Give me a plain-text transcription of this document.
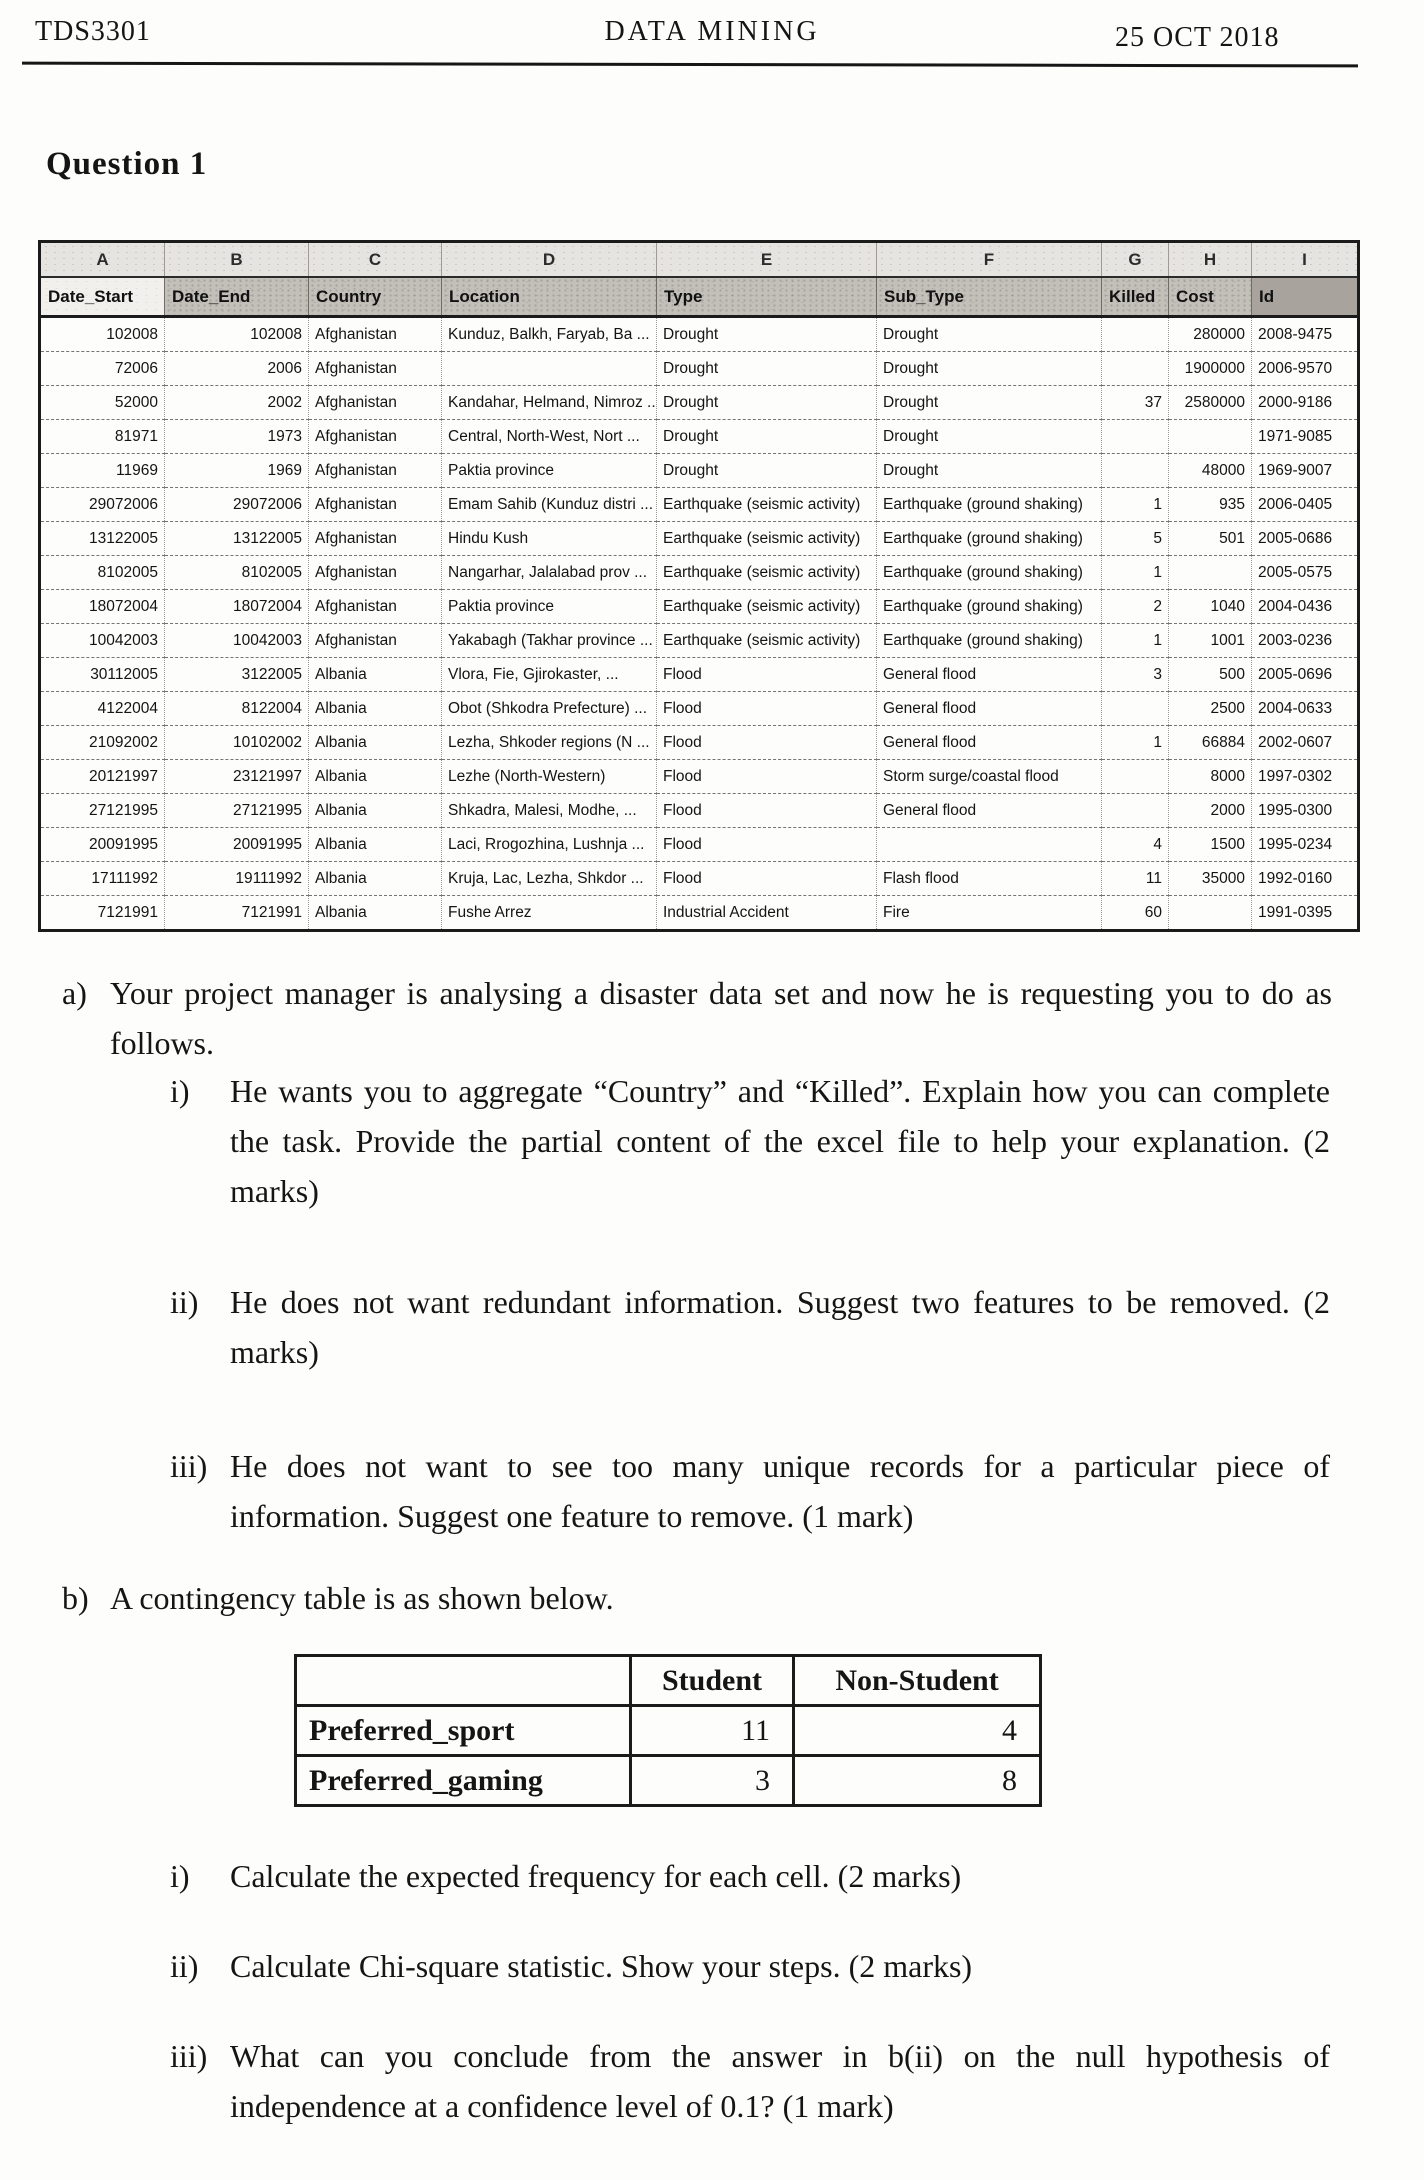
TDS3301	DATA MINING	25 OCT 2018
Question 1
A	B	C	D	E	F	G	H	I
Date_Start	Date_End	Country	Location	Type	Sub_Type	Killed	Cost	Id
102008	102008	Afghanistan	Kunduz, Balkh, Faryab, Ba ...	Drought	Drought		280000	2008-9475
72006	2006	Afghanistan		Drought	Drought		1900000	2006-9570
52000	2002	Afghanistan	Kandahar, Helmand, Nimroz ..	Drought	Drought	37	2580000	2000-9186
81971	1973	Afghanistan	Central, North-West, Nort ...	Drought	Drought			1971-9085
11969	1969	Afghanistan	Paktia province	Drought	Drought		48000	1969-9007
29072006	29072006	Afghanistan	Emam Sahib (Kunduz distri ...	Earthquake (seismic activity)	Earthquake (ground shaking)	1	935	2006-0405
13122005	13122005	Afghanistan	Hindu Kush	Earthquake (seismic activity)	Earthquake (ground shaking)	5	501	2005-0686
8102005	8102005	Afghanistan	Nangarhar, Jalalabad prov ...	Earthquake (seismic activity)	Earthquake (ground shaking)	1		2005-0575
18072004	18072004	Afghanistan	Paktia province	Earthquake (seismic activity)	Earthquake (ground shaking)	2	1040	2004-0436
10042003	10042003	Afghanistan	Yakabagh (Takhar province ...	Earthquake (seismic activity)	Earthquake (ground shaking)	1	1001	2003-0236
30112005	3122005	Albania	Vlora, Fie, Gjirokaster, ...	Flood	General flood	3	500	2005-0696
4122004	8122004	Albania	Obot (Shkodra Prefecture) ...	Flood	General flood		2500	2004-0633
21092002	10102002	Albania	Lezha, Shkoder regions (N ...	Flood	General flood	1	66884	2002-0607
20121997	23121997	Albania	Lezhe (North-Western)	Flood	Storm surge/coastal flood		8000	1997-0302
27121995	27121995	Albania	Shkadra, Malesi, Modhe, ...	Flood	General flood		2000	1995-0300
20091995	20091995	Albania	Laci, Rrogozhina, Lushnja ...	Flood		4	1500	1995-0234
17111992	19111992	Albania	Kruja, Lac, Lezha, Shkdor ...	Flood	Flash flood	11	35000	1992-0160
7121991	7121991	Albania	Fushe Arrez	Industrial Accident	Fire	60		1991-0395
a) Your project manager is analysing a disaster data set and now he is requesting you to do as follows.
i) He wants you to aggregate “Country” and “Killed”. Explain how you can complete the task. Provide the partial content of the excel file to help your explanation. (2 marks)
ii) He does not want redundant information. Suggest two features to be removed. (2 marks)
iii) He does not want to see too many unique records for a particular piece of information. Suggest one feature to remove. (1 mark)
b) A contingency table is as shown below.
	Student	Non-Student
Preferred_sport	11	4
Preferred_gaming	3	8
i) Calculate the expected frequency for each cell. (2 marks)
ii) Calculate Chi-square statistic. Show your steps. (2 marks)
iii) What can you conclude from the answer in b(ii) on the null hypothesis of independence at a confidence level of 0.1? (1 mark)
